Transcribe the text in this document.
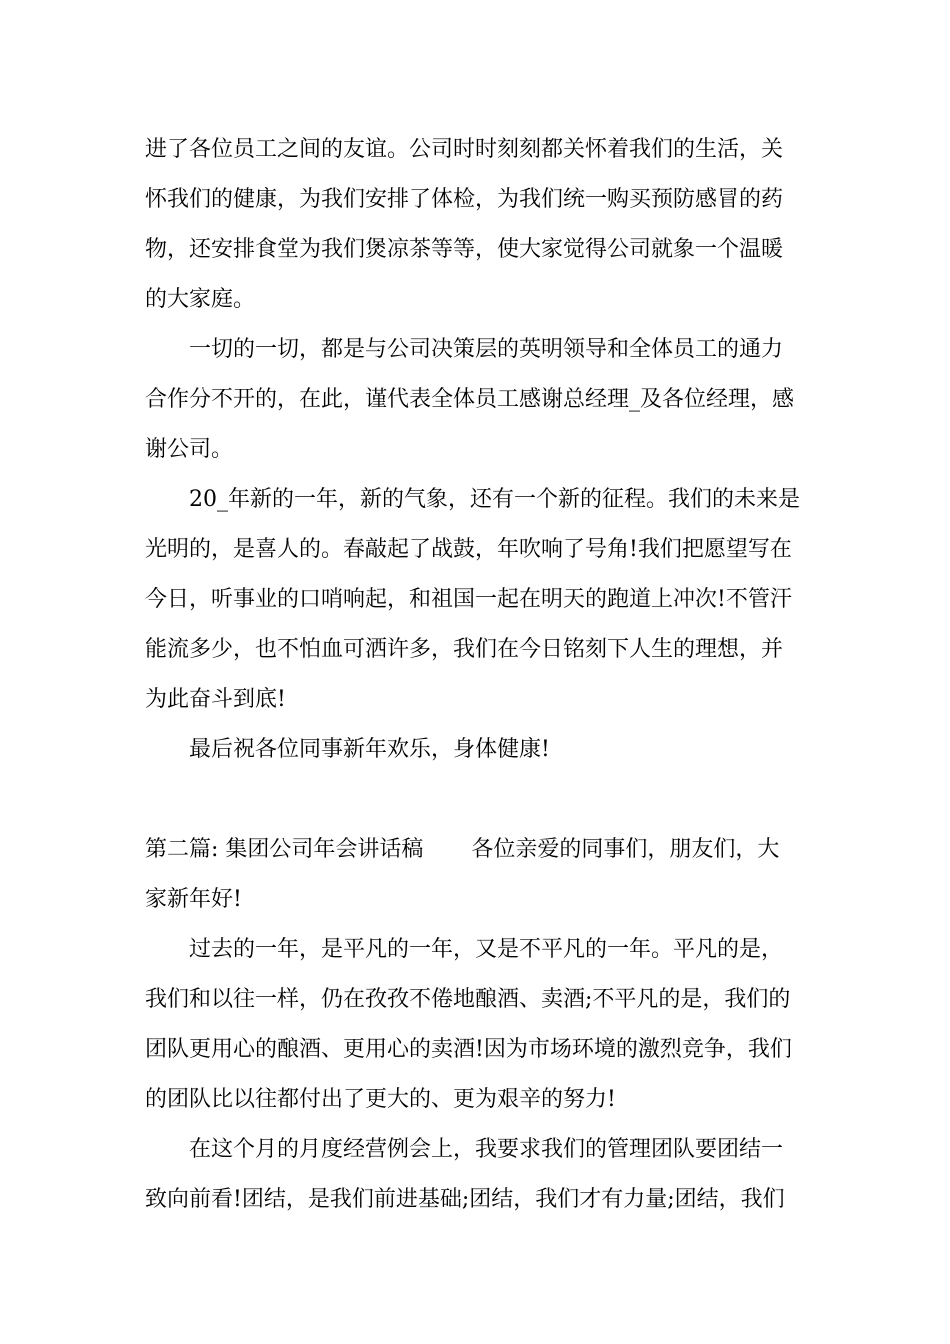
进了各位员工之间的友谊。公司时时刻刻都关怀着我们的生活，关
怀我们的健康，为我们安排了体检，为我们统一购买预防感冒的药
物，还安排食堂为我们煲凉茶等等，使大家觉得公司就象一个温暖
的大家庭。
一切的一切，都是与公司决策层的英明领导和全体员工的通力
合作分不开的，在此，谨代表全体员工感谢总经理_及各位经理，感
谢公司。
20_年新的一年，新的气象，还有一个新的征程。我们的未来是
光明的，是喜人的。春敲起了战鼓，年吹响了号角!我们把愿望写在
今日，听事业的口哨响起，和祖国一起在明天的跑道上冲次!不管汗
能流多少，也不怕血可洒许多，我们在今日铭刻下人生的理想，并
为此奋斗到底!
最后祝各位同事新年欢乐，身体健康!
第二篇: 集团公司年会讲话稿 各位亲爱的同事们，朋友们，大
家新年好!
过去的一年，是平凡的一年，又是不平凡的一年。平凡的是，
我们和以往一样，仍在孜孜不倦地酿酒、卖酒;不平凡的是，我们的
团队更用心的酿酒、更用心的卖酒!因为市场环境的激烈竞争，我们
的团队比以往都付出了更大的、更为艰辛的努力!
在这个月的月度经营例会上，我要求我们的管理团队要团结一
致向前看!团结，是我们前进基础;团结，我们才有力量;团结，我们
